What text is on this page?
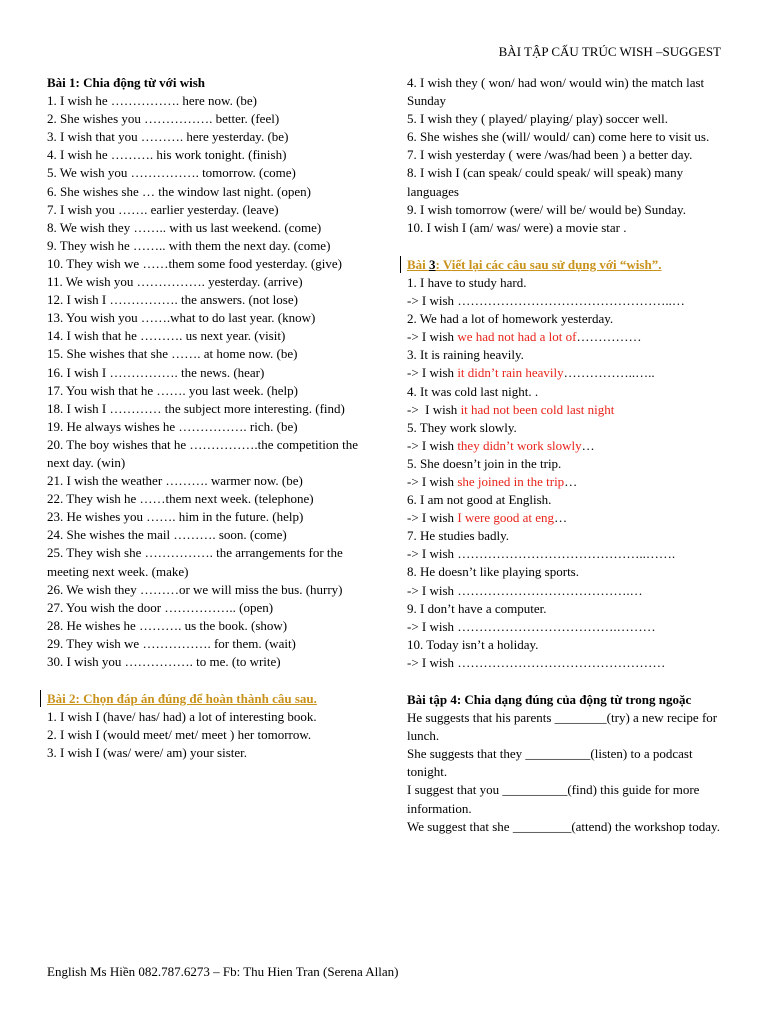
BÀI TẬP CẤU TRÚC WISH –SUGGEST
Bài 1: Chia động từ với wish
1. I wish he ……………. here now. (be)
2. She wishes you ……………. better. (feel)
3. I wish that you ………. here yesterday. (be)
4. I wish he ………. his work tonight. (finish)
5. We wish you ……………. tomorrow. (come)
6. She wishes she … the window last night. (open)
7. I wish you ……. earlier yesterday. (leave)
8. We wish they …….. with us last weekend. (come)
9. They wish he …….. with them the next day. (come)
10. They wish we ……them some food yesterday. (give)
11. We wish you ……………. yesterday. (arrive)
12. I wish I ……………. the answers. (not lose)
13. You wish you …….what to do last year. (know)
14. I wish that he ………. us next year. (visit)
15. She wishes that she ……. at home now. (be)
16. I wish I ……………. the news. (hear)
17. You wish that he ……. you last week. (help)
18. I wish I ………… the subject more interesting. (find)
19. He always wishes he ……………. rich. (be)
20. The boy wishes that he …………….the competition the next day. (win)
21. I wish the weather ………. warmer now. (be)
22. They wish he ……them next week. (telephone)
23. He wishes you ……. him in the future. (help)
24. She wishes the mail ………. soon. (come)
25. They wish she ……………. the arrangements for the meeting next week. (make)
26. We wish they ………or we will miss the bus. (hurry)
27. You wish the door …………….. (open)
28. He wishes he ………. us the book. (show)
29. They wish we ……………. for them. (wait)
30. I wish you ……………. to me. (to write)
Bài 2: Chọn đáp án đúng để hoàn thành câu sau.
1. I wish I (have/ has/ had) a lot of interesting book.
2. I wish I (would meet/ met/ meet ) her tomorrow.
3. I wish I (was/ were/ am) your sister.
4. I wish they ( won/ had won/ would win) the match last Sunday
5. I wish they ( played/ playing/ play) soccer well.
6. She wishes she (will/ would/ can) come here to visit us.
7. I wish yesterday ( were /was/had been ) a better day.
8. I wish I (can speak/ could speak/ will speak) many languages
9. I wish tomorrow (were/ will be/ would be) Sunday.
10. I wish I (am/ was/ were) a movie star .
Bài 3: Viết lại các câu sau sử dụng với “wish”.
1. I have to study hard.
-> I wish …………………………………………..…
2. We had a lot of homework yesterday.
-> I wish we had not had a lot of……………
3. It is raining heavily.
-> I wish it didn’t rain heavily……………..…..
4. It was cold last night. .
->  I wish it had not been cold last night
5. They work slowly.
-> I wish they didn’t work slowly…
5. She doesn’t join in the trip.
-> I wish she joined in the trip…
6. I am not good at English.
-> I wish I were good at eng…
7. He studies badly.
-> I wish ……………………………………..…….
8. He doesn’t like playing sports.
-> I wish ………………………………….…
9. I don’t have a computer.
-> I wish ……………………………….………
10. Today isn’t a holiday.
-> I wish …………………………………………
Bài tập 4: Chia dạng đúng của động từ trong ngoặc
He suggests that his parents ________(try) a new recipe for lunch.
She suggests that they __________(listen) to a podcast tonight.
I suggest that you __________(find) this guide for more information.
We suggest that she _________(attend) the workshop today.
English Ms Hiền 082.787.6273 – Fb: Thu Hien Tran (Serena Allan)
